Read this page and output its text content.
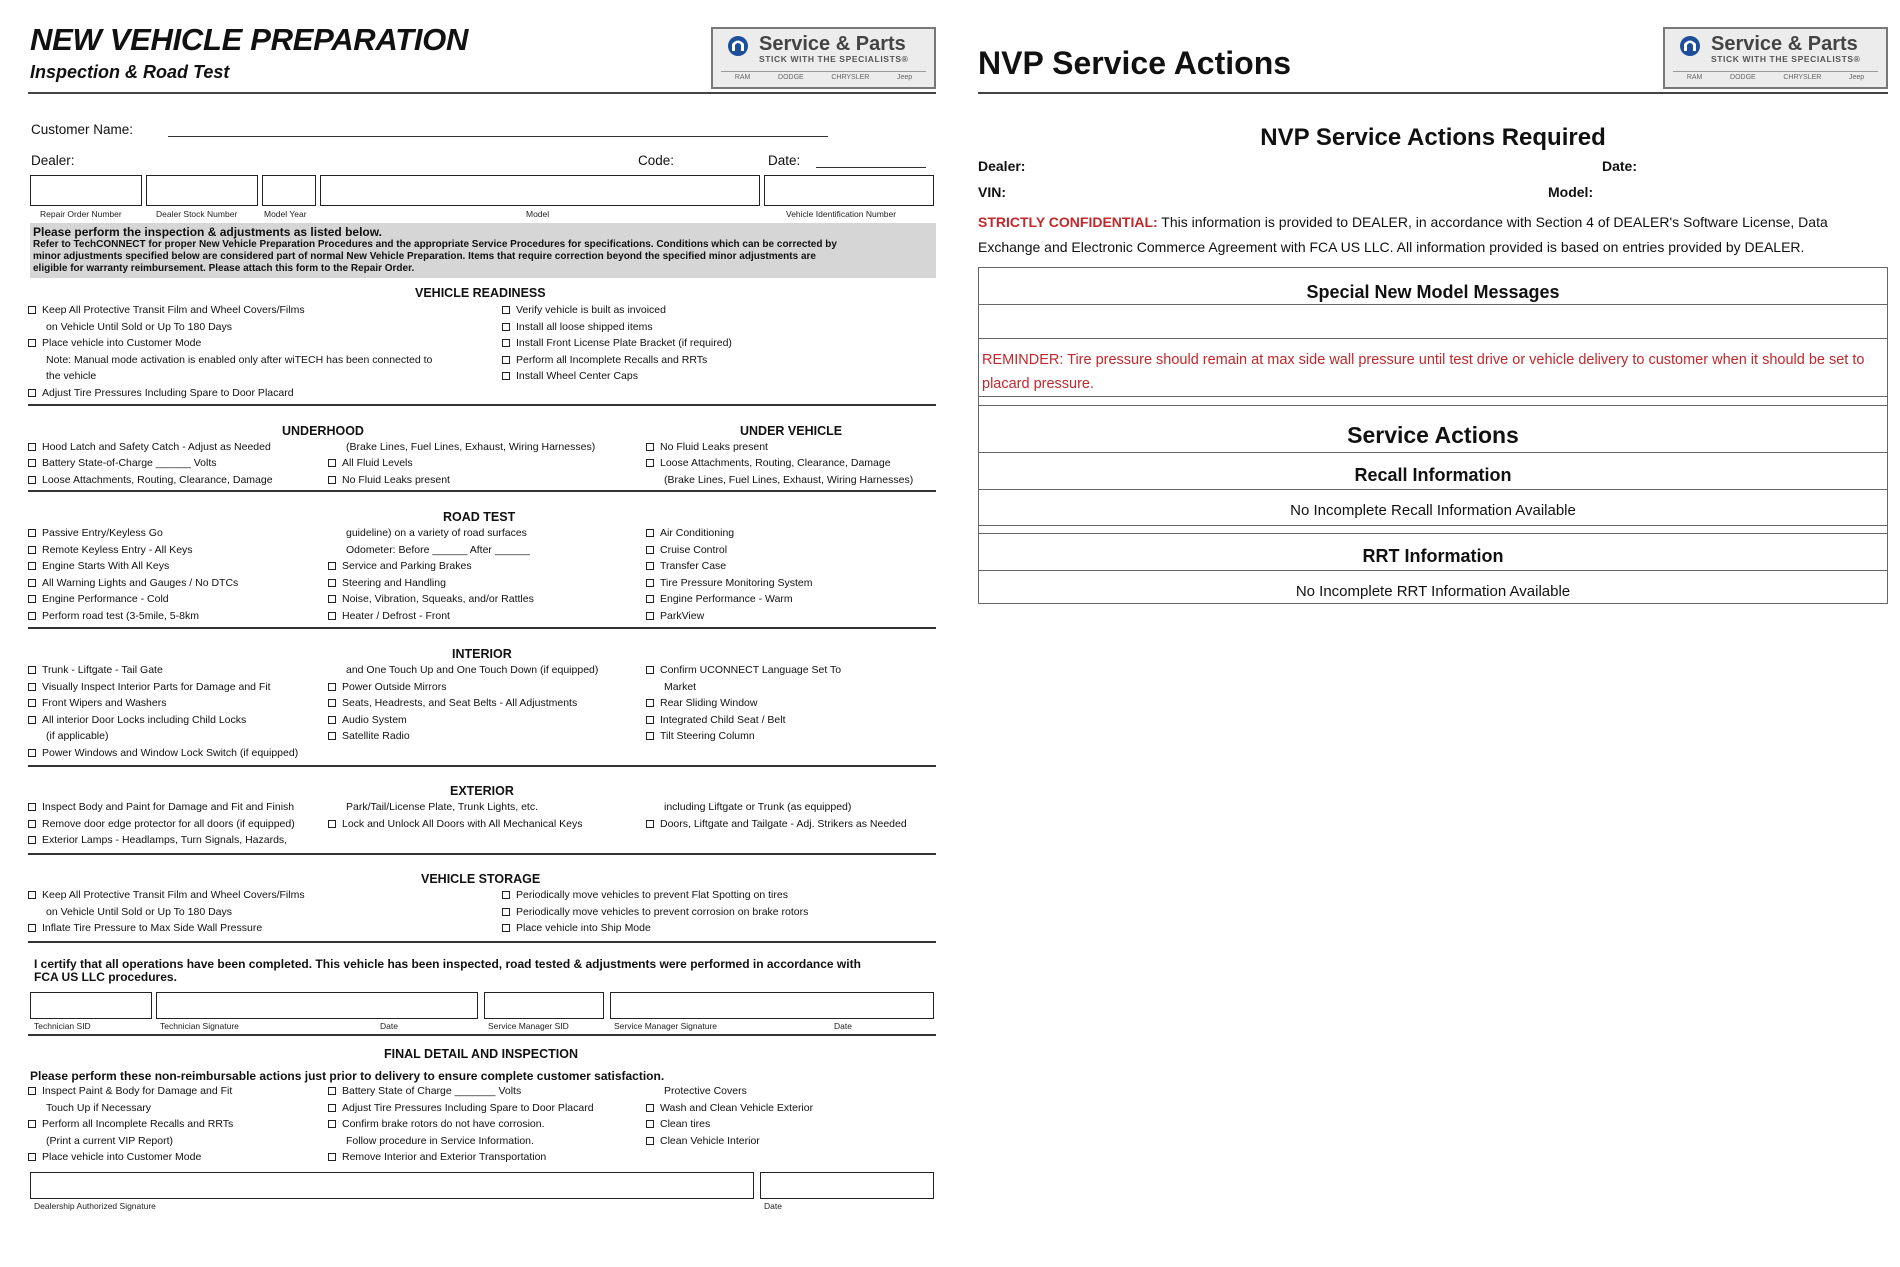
NEW VEHICLE PREPARATION
Inspection & Road Test
Service & Parts
STICK WITH THE SPECIALISTS®
RAM	DODGE	CHRYSLER	Jeep
Customer Name:
Dealer:	Code:	Date:
Repair Order Number	Dealer Stock Number	Model Year	Model	Vehicle Identification Number
Please perform the inspection & adjustments as listed below.
Refer to TechCONNECT for proper New Vehicle Preparation Procedures and the appropriate Service Procedures for specifications. Conditions which can be corrected by
minor adjustments specified below are considered part of normal New Vehicle Preparation. Items that require correction beyond the specified minor adjustments are
eligible for warranty reimbursement. Please attach this form to the Repair Order.
VEHICLE READINESS
Keep All Protective Transit Film and Wheel Covers/Films
on Vehicle Until Sold or Up To 180 Days
Place vehicle into Customer Mode
Note: Manual mode activation is enabled only after wiTECH has been connected to
the vehicle
Adjust Tire Pressures Including Spare to Door Placard
Verify vehicle is built as invoiced
Install all loose shipped items
Install Front License Plate Bracket (if required)
Perform all Incomplete Recalls and RRTs
Install Wheel Center Caps
UNDERHOOD	UNDER VEHICLE
Hood Latch and Safety Catch - Adjust as Needed
Battery State-of-Charge ______ Volts
Loose Attachments, Routing, Clearance, Damage
(Brake Lines, Fuel Lines, Exhaust, Wiring Harnesses)
All Fluid Levels
No Fluid Leaks present
No Fluid Leaks present
Loose Attachments, Routing, Clearance, Damage
(Brake Lines, Fuel Lines, Exhaust, Wiring Harnesses)
ROAD TEST
Passive Entry/Keyless Go
Remote Keyless Entry - All Keys
Engine Starts With All Keys
All Warning Lights and Gauges / No DTCs
Engine Performance - Cold
Perform road test (3-5mile, 5-8km
guideline) on a variety of road surfaces
Odometer: Before ______ After ______
Service and Parking Brakes
Steering and Handling
Noise, Vibration, Squeaks, and/or Rattles
Heater / Defrost - Front
Air Conditioning
Cruise Control
Transfer Case
Tire Pressure Monitoring System
Engine Performance - Warm
ParkView
INTERIOR
Trunk - Liftgate - Tail Gate
Visually Inspect Interior Parts for Damage and Fit
Front Wipers and Washers
All interior Door Locks including Child Locks
(if applicable)
Power Windows and Window Lock Switch (if equipped)
and One Touch Up and One Touch Down (if equipped)
Power Outside Mirrors
Seats, Headrests, and Seat Belts - All Adjustments
Audio System
Satellite Radio
Confirm UCONNECT Language Set To
Market
Rear Sliding Window
Integrated Child Seat / Belt
Tilt Steering Column
EXTERIOR
Inspect Body and Paint for Damage and Fit and Finish
Remove door edge protector for all doors (if equipped)
Exterior Lamps - Headlamps, Turn Signals, Hazards,
Park/Tail/License Plate, Trunk Lights, etc.
Lock and Unlock All Doors with All Mechanical Keys
including Liftgate or Trunk (as equipped)
Doors, Liftgate and Tailgate - Adj. Strikers as Needed
VEHICLE STORAGE
Keep All Protective Transit Film and Wheel Covers/Films
on Vehicle Until Sold or Up To 180 Days
Inflate Tire Pressure to Max Side Wall Pressure
Periodically move vehicles to prevent Flat Spotting on tires
Periodically move vehicles to prevent corrosion on brake rotors
Place vehicle into Ship Mode
I certify that all operations have been completed. This vehicle has been inspected, road tested & adjustments were performed in accordance with
FCA US LLC procedures.
Technician SID	Technician Signature	Date	Service Manager SID	Service Manager Signature	Date
FINAL DETAIL AND INSPECTION
Please perform these non-reimbursable actions just prior to delivery to ensure complete customer satisfaction.
Inspect Paint & Body for Damage and Fit
Touch Up if Necessary
Perform all Incomplete Recalls and RRTs
(Print a current VIP Report)
Place vehicle into Customer Mode
Battery State of Charge _______ Volts
Adjust Tire Pressures Including Spare to Door Placard
Confirm brake rotors do not have corrosion.
Follow procedure in Service Information.
Remove Interior and Exterior Transportation
Protective Covers
Wash and Clean Vehicle Exterior
Clean tires
Clean Vehicle Interior
Dealership Authorized Signature	Date
NVP Service Actions
Service & Parts
STICK WITH THE SPECIALISTS®
RAM	DODGE	CHRYSLER	Jeep
NVP Service Actions Required
Dealer:	Date:
VIN:	Model:
STRICTLY CONFIDENTIAL: This information is provided to DEALER, in accordance with Section 4 of DEALER's Software License, Data Exchange and Electronic Commerce Agreement with FCA US LLC. All information provided is based on entries provided by DEALER.
Special New Model Messages
REMINDER: Tire pressure should remain at max side wall pressure until test drive or vehicle delivery to customer when it should be set to placard pressure.
Service Actions
Recall Information
No Incomplete Recall Information Available
RRT Information
No Incomplete RRT Information Available
